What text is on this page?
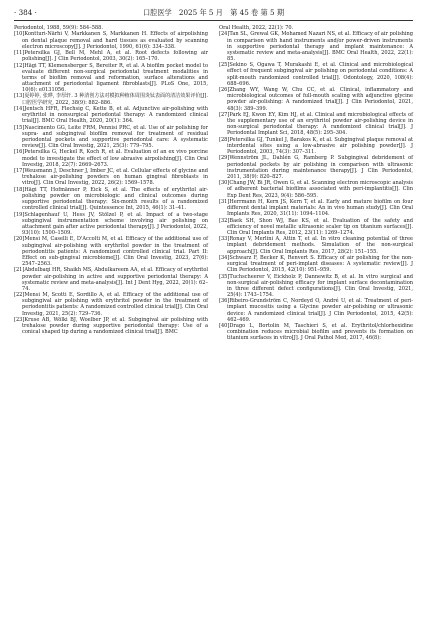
· 384 ·	口腔医学　2025 年 5 月　第 45 卷 第 5 期

Periodontol, 1988, 59(9): 584–588.

[10]Kontturi-Närhi V, Markkanen S, Markkanen H. Effects of airpolishing on dental plaque removal and hard tissues as evaluated by scanning electron microscopy[J]. J Periodontol, 1990, 61(6): 334–338.

[11]Petersilka GJ, Bell M, Mehl A, et al. Root defects following air polishing[J]. J Clin Periodontol, 2003, 30(2): 165–170.

[12]Hägi TT, Klemensberger S, Bereiter R, et al. A biofilm pocket model to evaluate different non-surgical periodontal treatment modalities in terms of biofilm removal and reformation, surface alterations and attachment of periodontal ligament fibroblasts[J]. PLoS One, 2015, 10(6): e0131056.

[13]夏婷婷, 张晔, 李厚轩. 3 种清创方法对模拟种植体周围炎钛表面的清洁效果评价[J]. 口腔医学研究, 2022, 38(9): 882–886.

[14]Jentsch HFR, Flechsig C, Kette B, et al. Adjunctive air-polishing with erythritol in nonsurgical periodontal therapy: A randomized clinical trial[J]. BMC Oral Health, 2020, 20(1): 364.

[15]Nascimento GG, Leite FRM, Pennisi PRC, et al. Use of air polishing for supra- and subgingival biofilm removal for treatment of residual periodontal pockets and supportive periodontal care: A systematic review[J]. Clin Oral Investig, 2021, 25(3): 779–795.

[16]Petersilka G, Heckel R, Koch R, et al. Evaluation of an ex vivo porcine model to investigate the effect of low abrasive airpolishing[J]. Clin Oral Investig, 2018, 22(7): 2669–2673.

[17]Weusmann J, Deschner J, Imber JC, et al. Cellular effects of glycine and trehalose air-polishing powders on human gingival fibroblasts in vitro[J]. Clin Oral Investig, 2022, 26(2): 1569–1578.

[18]Hägi TT, Hofmänner P, Eick S, et al. The effects of erythritol air-polishing powder on microbiologic and clinical outcomes during supportive periodontal therapy: Six-month results of a randomized controlled clinical trial[J]. Quintessence Int, 2015, 46(1): 31–41.

[19]Schlagenhauf U, Hess JV, Stölzel P, et al. Impact of a two-stage subgingival instrumentation scheme involving air polishing on attachment gain after active periodontal therapy[J]. J Periodontol, 2022, 93(10): 1500–1509.

[20]Mensi M, Caselli E, D'Accolti M, et al. Efficacy of the additional use of subgingival air-polishing with erythritol powder in the treatment of periodontitis patients: A randomized controlled clinical trial. Part II: Effect on sub-gingival microbiome[J]. Clin Oral Investig, 2023, 27(6): 2547–2563.

[21]Abdulbaqi HR, Shaikh MS, Abdulkareem AA, et al. Efficacy of erythritol powder air-polishing in active and supportive periodontal therapy: A systematic review and meta-analysis[J]. Int J Dent Hyg, 2022, 20(1): 62–74.

[22]Mensi M, Scotti E, Sordillo A, et al. Efficacy of the additional use of subgingival air polishing with erythritol powder in the treatment of periodontitis patients: A randomized controlled clinical trial[J]. Clin Oral Investig, 2021, 25(2): 729–736.

[23]Kruse AB, Wölki BJ, Woelber JP, et al. Subgingival air polishing with trehalose powder during supportive periodontal therapy: Use of a conical shaped tip during a randomized clinical trial[J]. BMC

Oral Health, 2022, 22(1): 70.

[24]Tan SL, Grewal GK, Mohamed Nazari NS, et al. Efficacy of air polishing in comparison with hand instruments and/or power-driven instruments in supportive periodontal therapy and implant maintenance: A systematic review and meta-analysis[J]. BMC Oral Health, 2022, 22(1): 85.

[25]Sekino S, Ogawa T, Murakashi E, et al. Clinical and microbiological effect of frequent subgingival air polishing on periodontal conditions: A split-mouth randomized controlled trial[J]. Odontology, 2020, 108(4): 688–696.

[26]Zhang WY, Wang W, Chu CC, et al. Clinical, inflammatory and microbiological outcomes of full-mouth scaling with adjunctive glycine powder air-polishing: A randomized trial[J]. J Clin Periodontol, 2021, 48(3): 389–399.

[27]Park EJ, Kwon EY, Kim HJ, et al. Clinical and microbiological effects of the supplementary use of an erythritol powder air-polishing device in non-surgical periodontal therapy: A randomized clinical trial[J]. J Periodontal Implant Sci, 2018, 48(5): 295–304.

[28]Petersilka GJ, Tunkel J, Barakos K, et al. Subgingival plaque removal at interdental sites using a low-abrasive air polishing powder[J]. J Periodontol, 2003, 74(3): 307–311.

[29]Wennström JL, Dahlén G, Ramberg P. Subgingival debridement of periodontal pockets by air polishing in comparison with ultrasonic instrumentation during maintenance therapy[J]. J Clin Periodontol, 2011, 38(9): 820–827.

[30]Chang JW, Bi JR, Owen G, et al. Scanning electron microscopic analysis of adherent bacterial biofilms associated with peri-implantitis[J]. Clin Exp Dent Res, 2023, 9(4): 586–595.

[31]Herrmann H, Kern JS, Kern T, et al. Early and mature biofilm on four different dental implant materials: An in vivo human study[J]. Clin Oral Implants Res, 2020, 31(11): 1094–1104.

[32]Baek SH, Shon WJ, Bae KS, et al. Evaluation of the safety and efficiency of novel metallic ultrasonic scaler tip on titanium surfaces[J]. Clin Oral Implants Res, 2012, 23(11): 1269–1274.

[33]Ronay V, Merlini A, Attin T, et al. In vitro cleaning potential of three implant debridement methods. Simulation of the non-surgical approach[J]. Clin Oral Implants Res, 2017, 28(2): 151–155.

[34]Schwarz F, Becker K, Renvert S. Efficacy of air polishing for the non-surgical treatment of peri-implant diseases: A systematic review[J]. J Clin Periodontol, 2015, 42(10): 951–959.

[35]Tuchscheerer V, Eickholz P, Dannewitz B, et al. In vitro surgical and non-surgical air-polishing efficacy for implant surface decontamination in three different defect configurations[J]. Clin Oral Investig, 2021, 25(4): 1743–1754.

[36]Ribeiro-Grundström C, Nordeyd O, André U, et al. Treatment of peri-implant mucositis using a Glycine powder air-polishing or ultrasonic device: A randomized clinical trial[J]. J Clin Periodontol, 2015, 42(5): 462–469.

[40]Drago L, Bortolin M, Taschieri S, et al. Erythritol/chlorhexidine combination reduces microbial biofilm and prevents its formation on titanium surfaces in vitro[J]. J Oral Pathol Med, 2017, 46(8):
